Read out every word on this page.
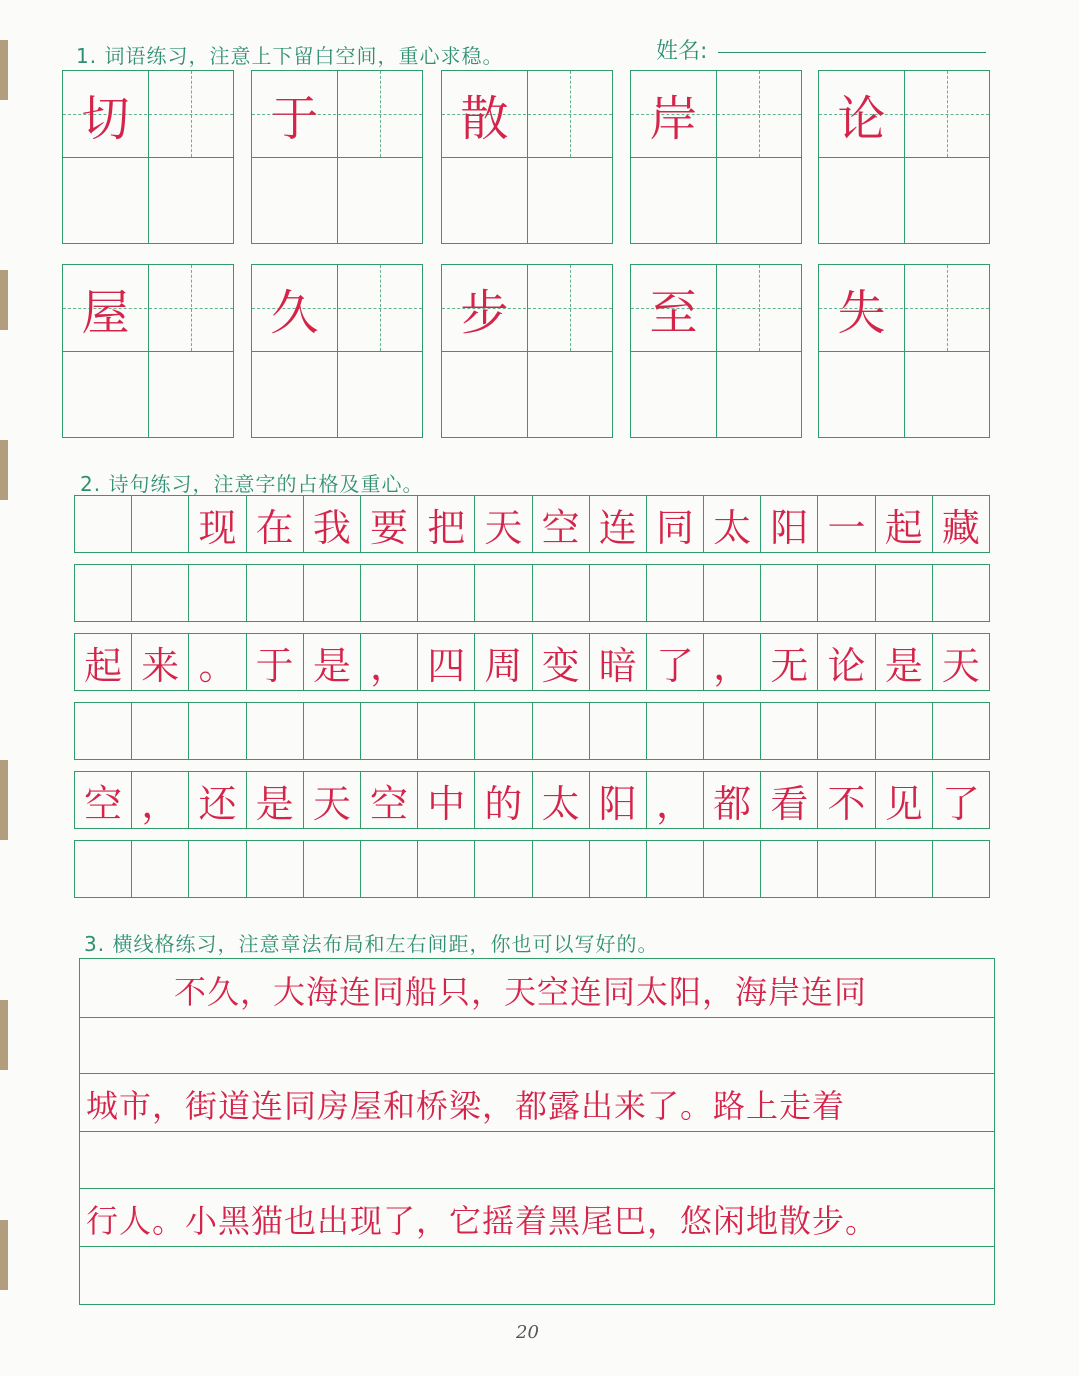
1. 词语练习，注意上下留白空间，重心求稳。	姓名:
切	于	散	岸	论
屋	久	步	至	失
2. 诗句练习，注意字的占格及重心。
现 在 我 要 把 天 空 连 同 太 阳 一 起 藏
起 来 。 于 是 ， 四 周 变 暗 了 ， 无 论 是 天
空 ， 还 是 天 空 中 的 太 阳 ， 都 看 不 见 了
3. 横线格练习，注意章法布局和左右间距，你也可以写好的。
不久，大海连同船只，天空连同太阳，海岸连同
城市，街道连同房屋和桥梁，都露出来了。路上走着
行人。小黑猫也出现了，它摇着黑尾巴，悠闲地散步。
20
